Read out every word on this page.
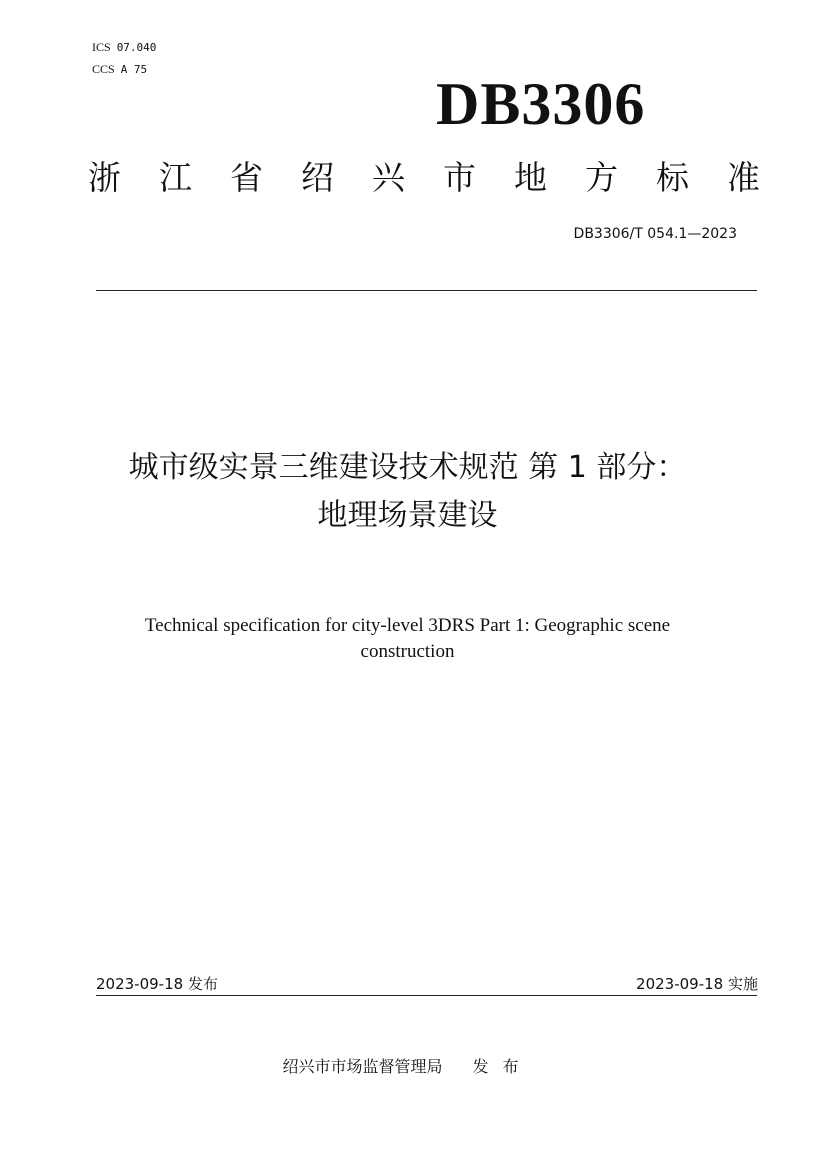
ICS 07.040
CCS A 75
DB3306
浙 江 省 绍 兴 市 地 方 标 准
DB3306/T 054.1—2023
城市级实景三维建设技术规范 第 1 部分：
地理场景建设
Technical specification for city-level 3DRS Part 1: Geographic scene
construction
2023-09-18 发布	2023-09-18 实施
绍兴市市场监督管理局 发布
